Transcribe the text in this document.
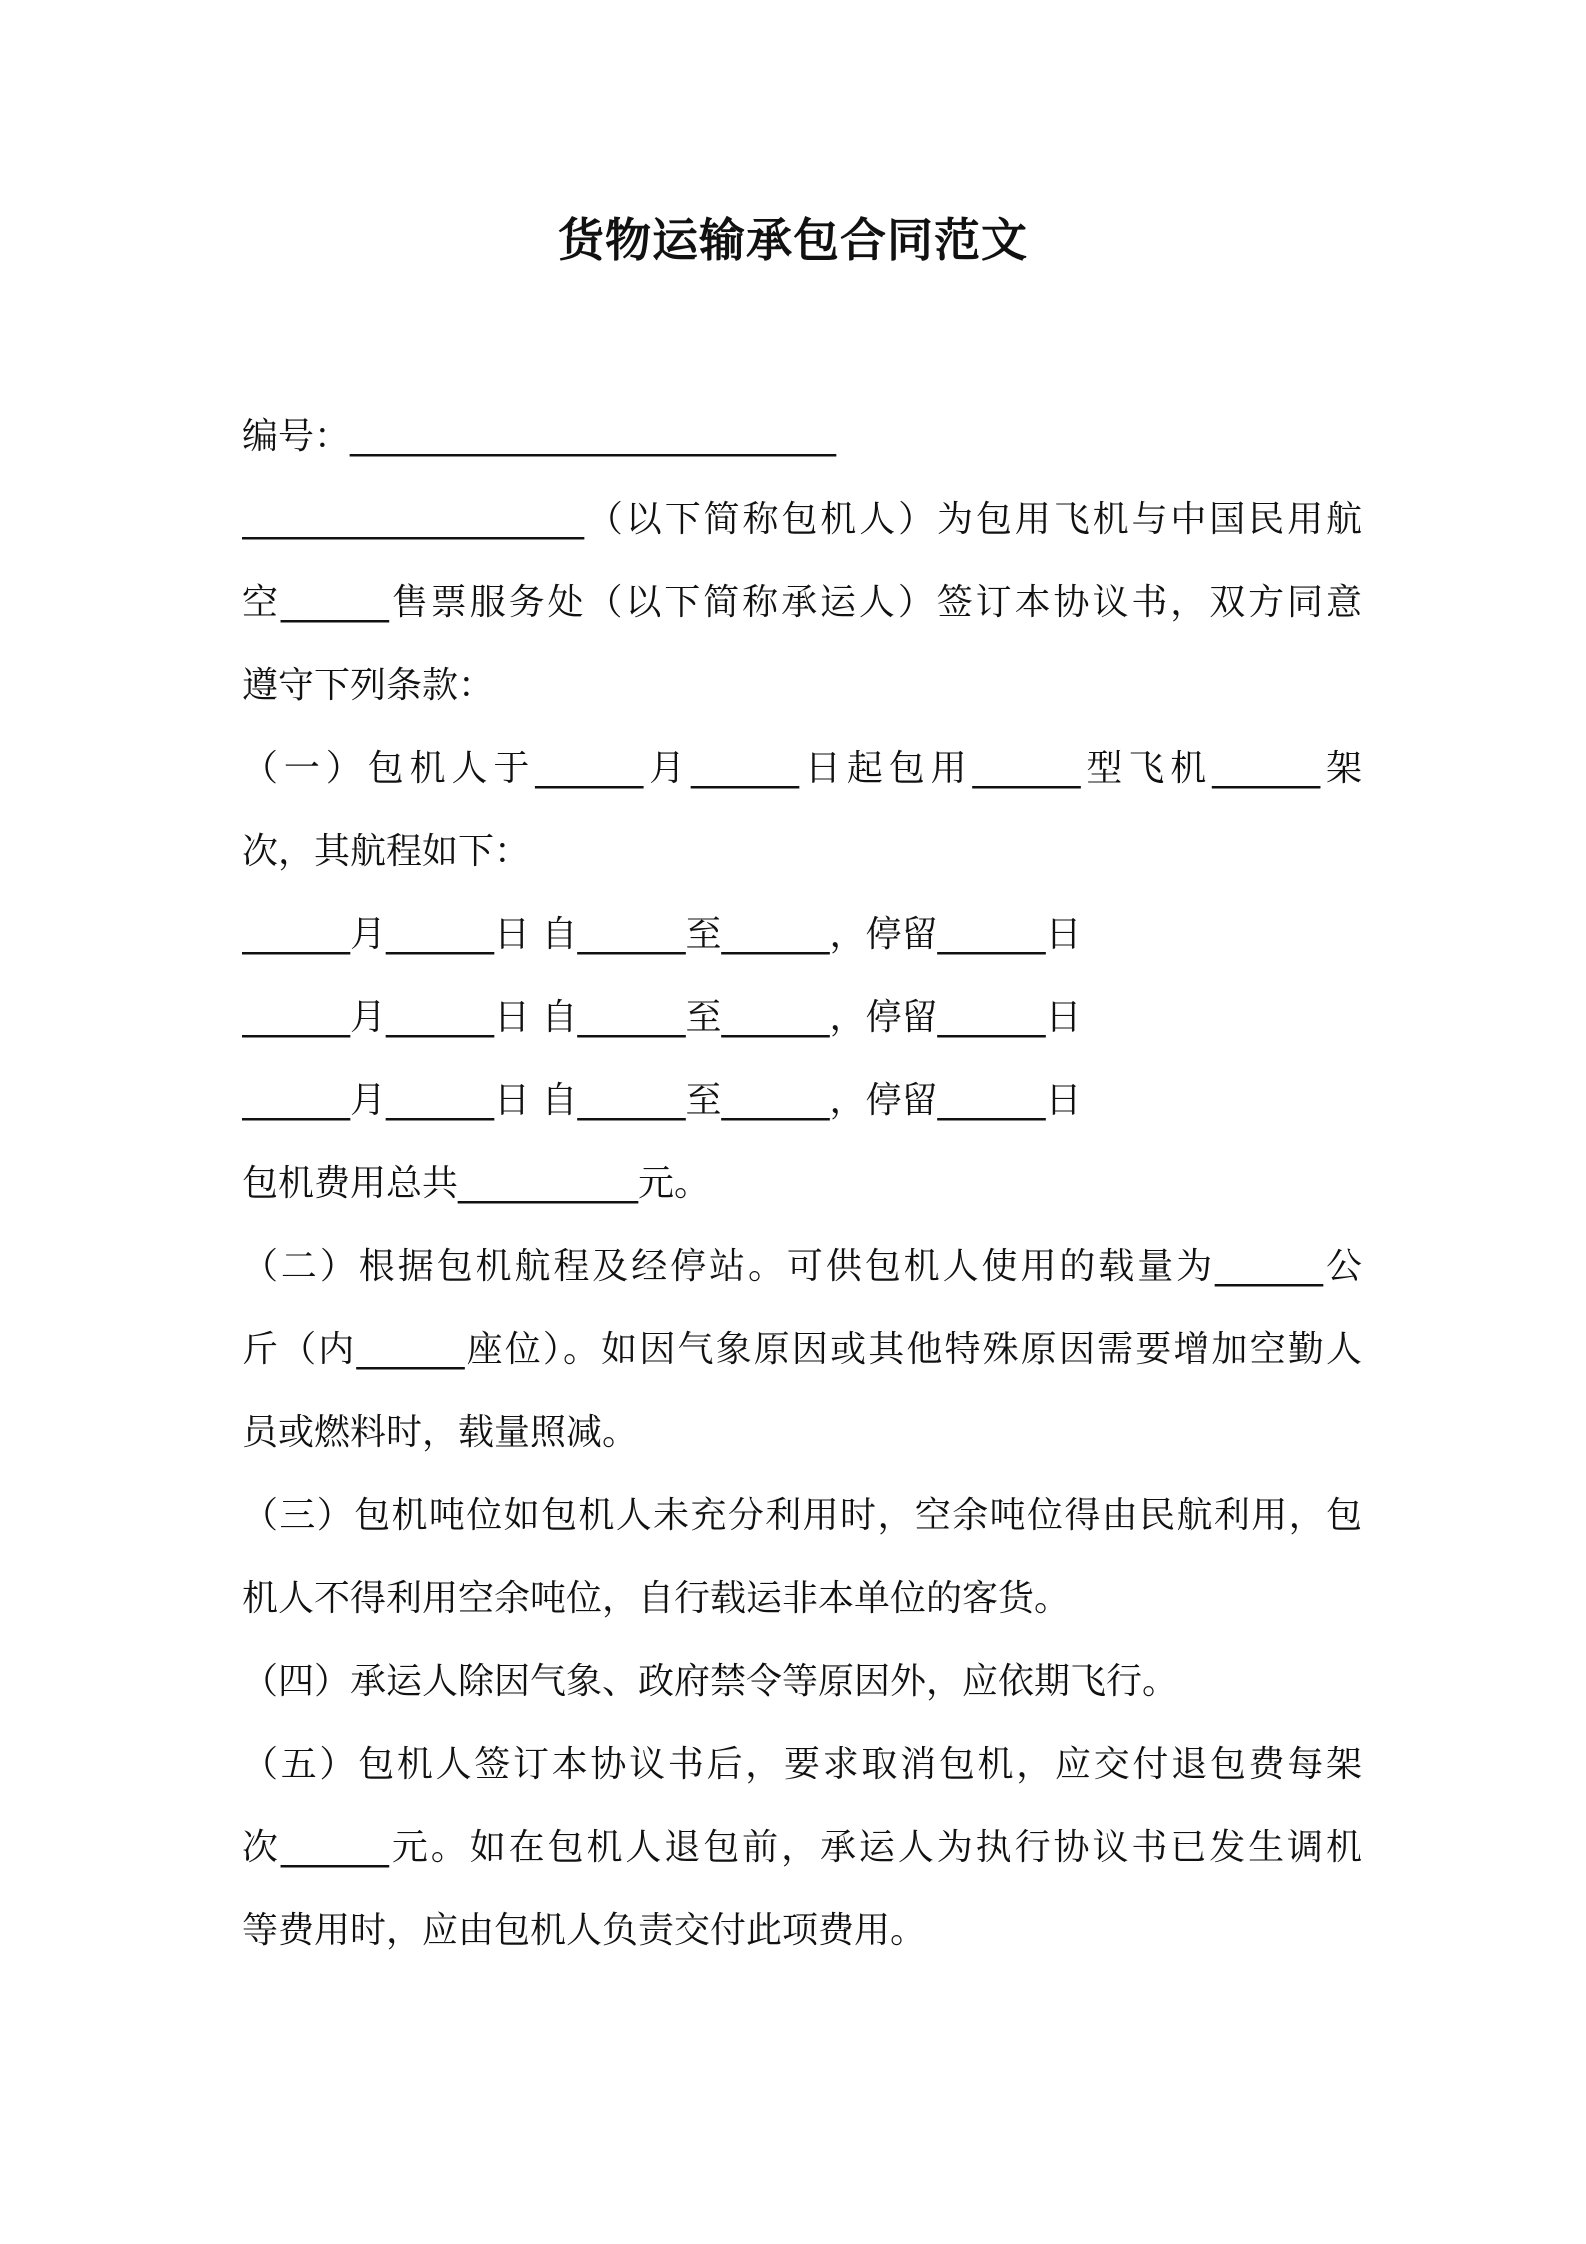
货物运输承包合同范文
编号：___________________________
___________________（以下简称包机人）为包用飞机与中国民用航
空______售票服务处（以下简称承运人）签订本协议书，双方同意
遵守下列条款：
（一）包机人于______月______日起包用______型飞机______架
次，其航程如下：
______月______日 自______至______，停留______日
______月______日 自______至______，停留______日
______月______日 自______至______，停留______日
包机费用总共__________元。
（二）根据包机航程及经停站。可供包机人使用的载量为______公
斤（内______座位）。如因气象原因或其他特殊原因需要增加空勤人
员或燃料时，载量照减。
（三）包机吨位如包机人未充分利用时，空余吨位得由民航利用，包
机人不得利用空余吨位，自行载运非本单位的客货。
（四）承运人除因气象、政府禁令等原因外，应依期飞行。
（五）包机人签订本协议书后，要求取消包机，应交付退包费每架
次______元。如在包机人退包前，承运人为执行协议书已发生调机
等费用时，应由包机人负责交付此项费用。
